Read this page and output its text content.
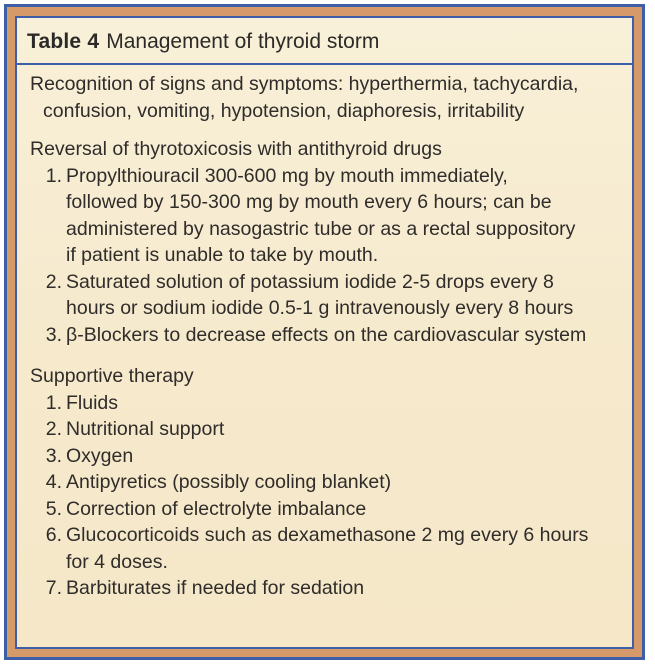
Table 4 Management of thyroid storm
Recognition of signs and symptoms: hyperthermia, tachycardia,
confusion, vomiting, hypotension, diaphoresis, irritability
Reversal of thyrotoxicosis with antithyroid drugs
1. Propylthiouracil 300-600 mg by mouth immediately,
followed by 150-300 mg by mouth every 6 hours; can be
administered by nasogastric tube or as a rectal suppository
if patient is unable to take by mouth.
2. Saturated solution of potassium iodide 2-5 drops every 8
hours or sodium iodide 0.5-1 g intravenously every 8 hours
3. β-Blockers to decrease effects on the cardiovascular system
Supportive therapy
1. Fluids
2. Nutritional support
3. Oxygen
4. Antipyretics (possibly cooling blanket)
5. Correction of electrolyte imbalance
6. Glucocorticoids such as dexamethasone 2 mg every 6 hours
for 4 doses.
7. Barbiturates if needed for sedation
